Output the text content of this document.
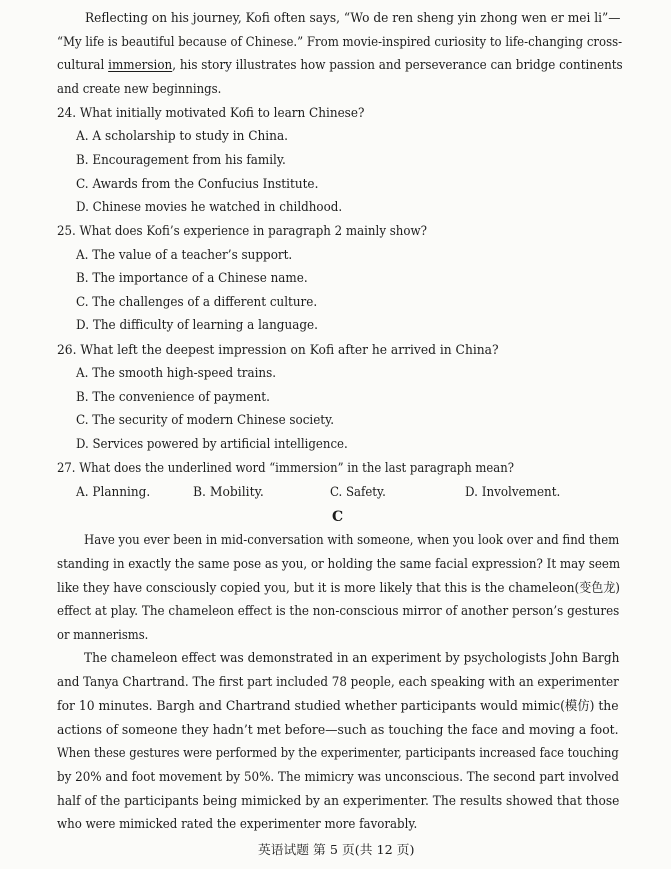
Reflecting on his journey, Kofi often says, “Wo de ren sheng yin zhong wen er mei li”—
“My life is beautiful because of Chinese.” From movie-inspired curiosity to life-changing cross-
cultural immersion, his story illustrates how passion and perseverance can bridge continents
and create new beginnings.
24. What initially motivated Kofi to learn Chinese?
A. A scholarship to study in China.
B. Encouragement from his family.
C. Awards from the Confucius Institute.
D. Chinese movies he watched in childhood.
25. What does Kofi’s experience in paragraph 2 mainly show?
A. The value of a teacher’s support.
B. The importance of a Chinese name.
C. The challenges of a different culture.
D. The difficulty of learning a language.
26. What left the deepest impression on Kofi after he arrived in China?
A. The smooth high-speed trains.
B. The convenience of payment.
C. The security of modern Chinese society.
D. Services powered by artificial intelligence.
27. What does the underlined word “immersion” in the last paragraph mean?
A. Planning.	B. Mobility.	C. Safety.	D. Involvement.
C
Have you ever been in mid-conversation with someone, when you look over and find them
standing in exactly the same pose as you, or holding the same facial expression? It may seem
like they have consciously copied you, but it is more likely that this is the chameleon(变色龙)
effect at play. The chameleon effect is the non-conscious mirror of another person’s gestures
or mannerisms.
The chameleon effect was demonstrated in an experiment by psychologists John Bargh
and Tanya Chartrand. The first part included 78 people, each speaking with an experimenter
for 10 minutes. Bargh and Chartrand studied whether participants would mimic(模仿) the
actions of someone they hadn’t met before—such as touching the face and moving a foot.
When these gestures were performed by the experimenter, participants increased face touching
by 20% and foot movement by 50%. The mimicry was unconscious. The second part involved
half of the participants being mimicked by an experimenter. The results showed that those
who were mimicked rated the experimenter more favorably.
英语试题 第 5 页(共 12 页)
